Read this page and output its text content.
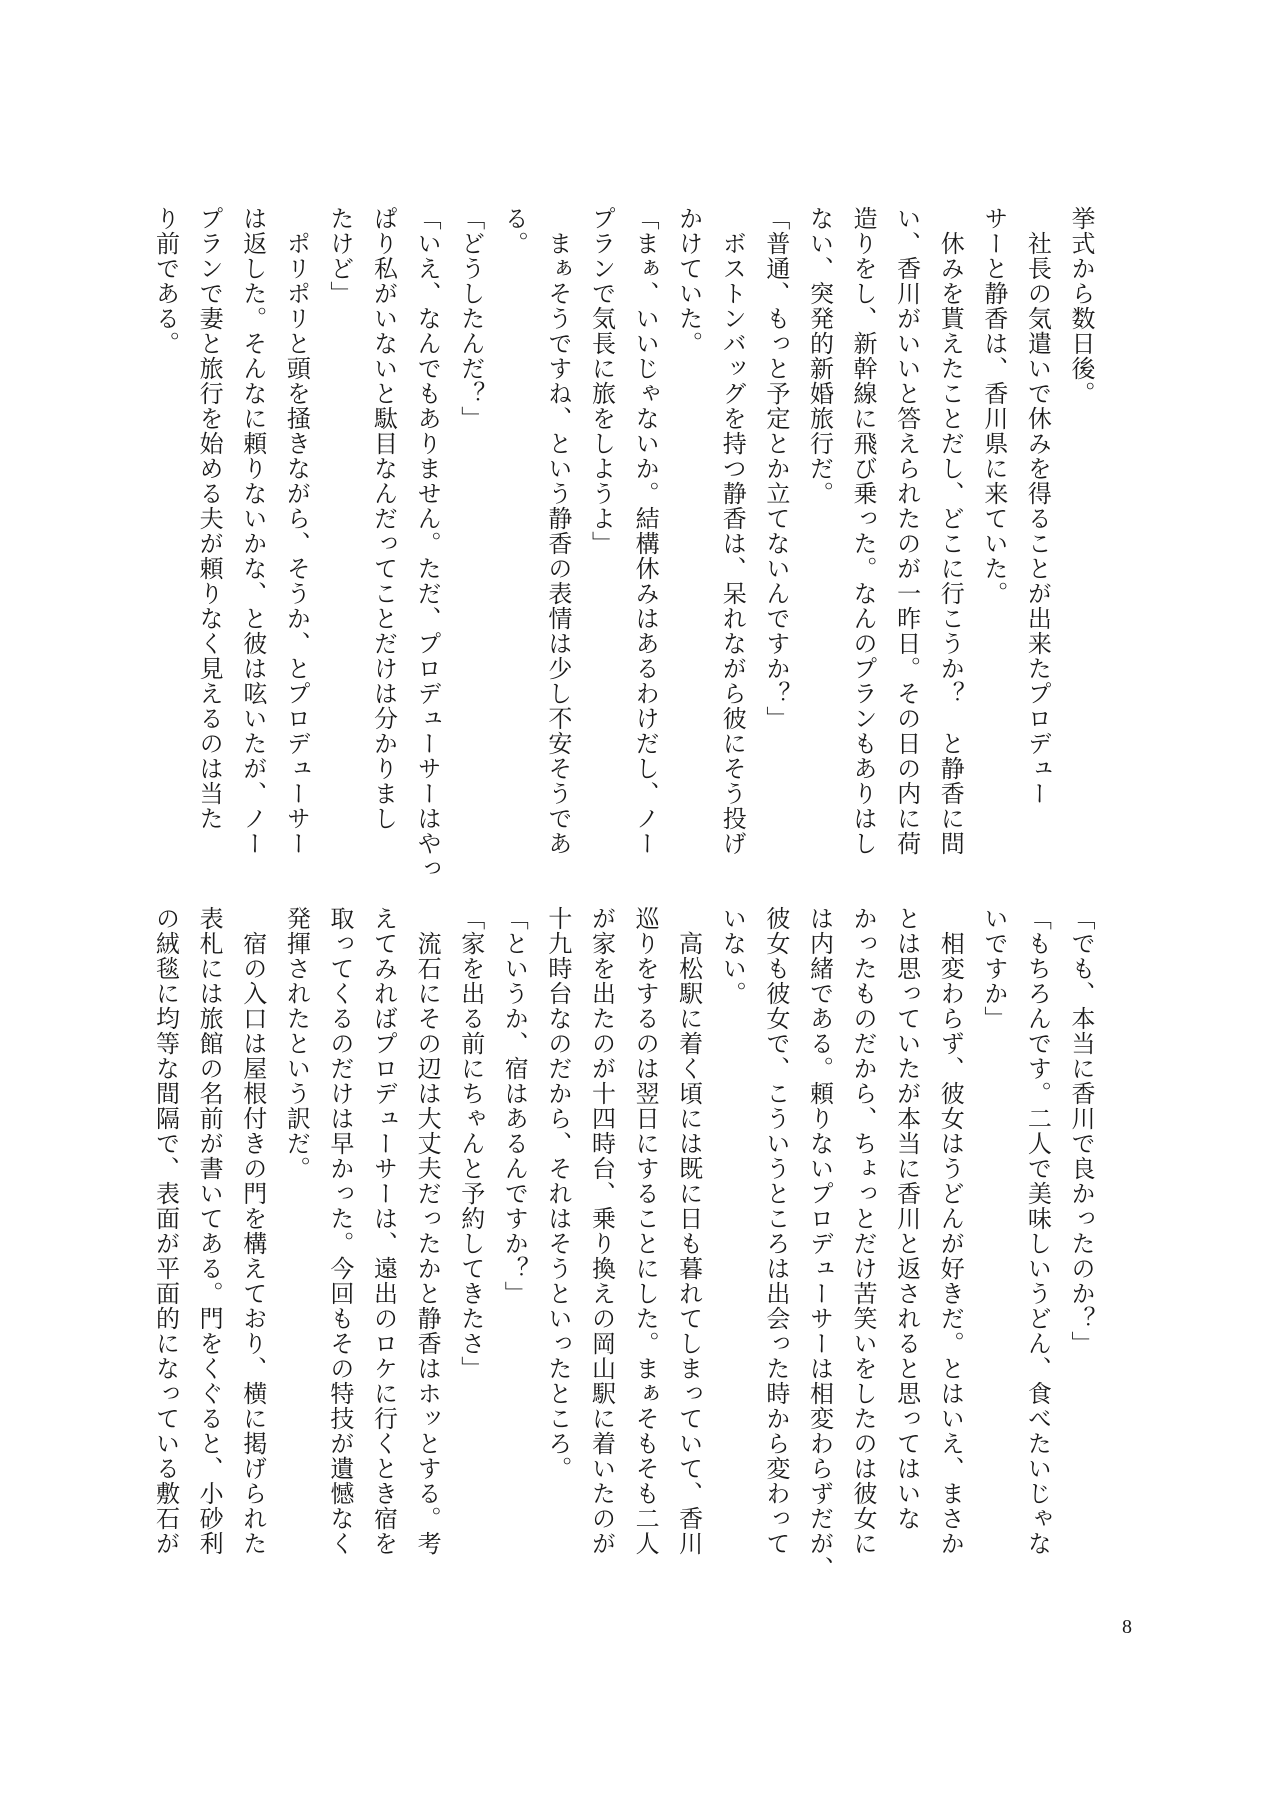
挙式から数日後。
　社長の気遣いで休みを得ることが出来たプロデュー
サーと静香は、香川県に来ていた。
　休みを貰えたことだし、どこに行こうか？　と静香に問
い、香川がいいと答えられたのが一昨日。その日の内に荷
造りをし、新幹線に飛び乗った。なんのプランもありはし
ない、突発的新婚旅行だ。
「普通、もっと予定とか立てないんですか？」
　ボストンバッグを持つ静香は、呆れながら彼にそう投げ
かけていた。
「まぁ、いいじゃないか。結構休みはあるわけだし、ノー
プランで気長に旅をしようよ」
　まぁそうですね、という静香の表情は少し不安そうであ
る。
「どうしたんだ？」
「いえ、なんでもありません。ただ、プロデューサーはやっ
ぱり私がいないと駄目なんだってことだけは分かりまし
たけど」
　ポリポリと頭を掻きながら、そうか、とプロデューサー
は返した。そんなに頼りないかな、と彼は呟いたが、ノー
プランで妻と旅行を始める夫が頼りなく見えるのは当た
り前である。
「でも、本当に香川で良かったのか？」
「もちろんです。二人で美味しいうどん、食べたいじゃな
いですか」
　相変わらず、彼女はうどんが好きだ。とはいえ、まさか
とは思っていたが本当に香川と返されると思ってはいな
かったものだから、ちょっとだけ苦笑いをしたのは彼女に
は内緒である。頼りないプロデューサーは相変わらずだが、
彼女も彼女で、こういうところは出会った時から変わって
いない。
　高松駅に着く頃には既に日も暮れてしまっていて、香川
巡りをするのは翌日にすることにした。まぁそもそも二人
が家を出たのが十四時台、乗り換えの岡山駅に着いたのが
十九時台なのだから、それはそうといったところ。
「というか、宿はあるんですか？」
「家を出る前にちゃんと予約してきたさ」
　流石にその辺は大丈夫だったかと静香はホッとする。考
えてみればプロデューサーは、遠出のロケに行くとき宿を
取ってくるのだけは早かった。今回もその特技が遺憾なく
発揮されたという訳だ。
　宿の入口は屋根付きの門を構えており、横に掲げられた
表札には旅館の名前が書いてある。門をくぐると、小砂利
の絨毯に均等な間隔で、表面が平面的になっている敷石が
8
